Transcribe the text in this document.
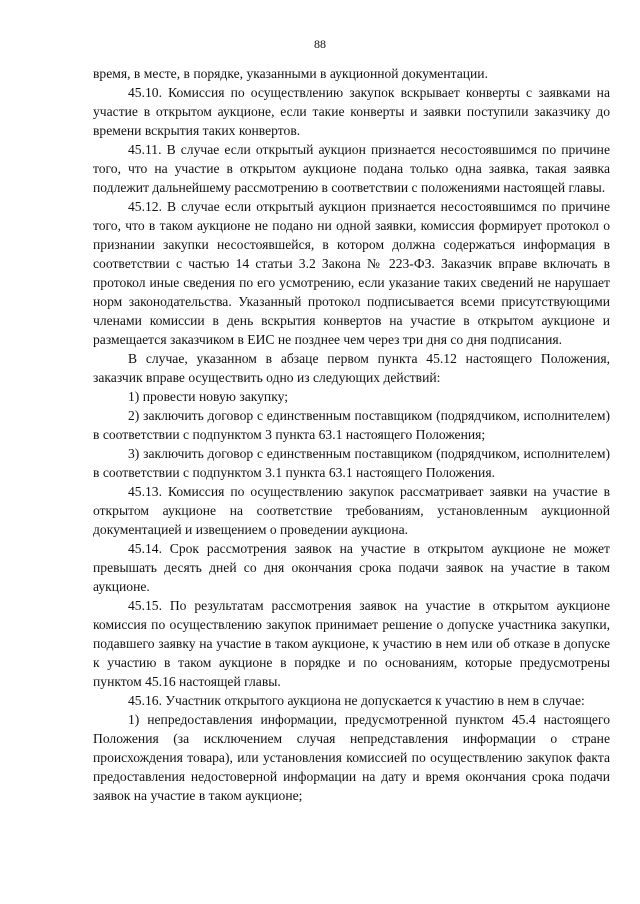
88

время, в месте, в порядке, указанными в аукционной документации.

45.10. Комиссия по осуществлению закупок вскрывает конверты с заявками на участие в открытом аукционе, если такие конверты и заявки поступили заказчику до времени вскрытия таких конвертов.

45.11. В случае если открытый аукцион признается несостоявшимся по причине того, что на участие в открытом аукционе подана только одна заявка, такая заявка подлежит дальнейшему рассмотрению в соответствии с положениями настоящей главы.

45.12. В случае если открытый аукцион признается несостоявшимся по причине того, что в таком аукционе не подано ни одной заявки, комиссия формирует протокол о признании закупки несостоявшейся, в котором должна содержаться информация в соответствии с частью 14 статьи 3.2 Закона № 223-ФЗ. Заказчик вправе включать в протокол иные сведения по его усмотрению, если указание таких сведений не нарушает норм законодательства. Указанный протокол подписывается всеми присутствующими членами комиссии в день вскрытия конвертов на участие в открытом аукционе и размещается заказчиком в ЕИС не позднее чем через три дня со дня подписания.

В случае, указанном в абзаце первом пункта 45.12 настоящего Положения, заказчик вправе осуществить одно из следующих действий:

1) провести новую закупку;

2) заключить договор с единственным поставщиком (подрядчиком, исполнителем) в соответствии с подпунктом 3 пункта 63.1 настоящего Положения;

3) заключить договор с единственным поставщиком (подрядчиком, исполнителем) в соответствии с подпунктом 3.1 пункта 63.1 настоящего Положения.

45.13. Комиссия по осуществлению закупок рассматривает заявки на участие в открытом аукционе на соответствие требованиям, установленным аукционной документацией и извещением о проведении аукциона.

45.14. Срок рассмотрения заявок на участие в открытом аукционе не может превышать десять дней со дня окончания срока подачи заявок на участие в таком аукционе.

45.15. По результатам рассмотрения заявок на участие в открытом аукционе комиссия по осуществлению закупок принимает решение о допуске участника закупки, подавшего заявку на участие в таком аукционе, к участию в нем или об отказе в допуске к участию в таком аукционе в порядке и по основаниям, которые предусмотрены пунктом 45.16 настоящей главы.

45.16. Участник открытого аукциона не допускается к участию в нем в случае:

1) непредоставления информации, предусмотренной пунктом 45.4 настоящего Положения (за исключением случая непредставления информации о стране происхождения товара), или установления комиссией по осуществлению закупок факта предоставления недостоверной информации на дату и время окончания срока подачи заявок на участие в таком аукционе;
